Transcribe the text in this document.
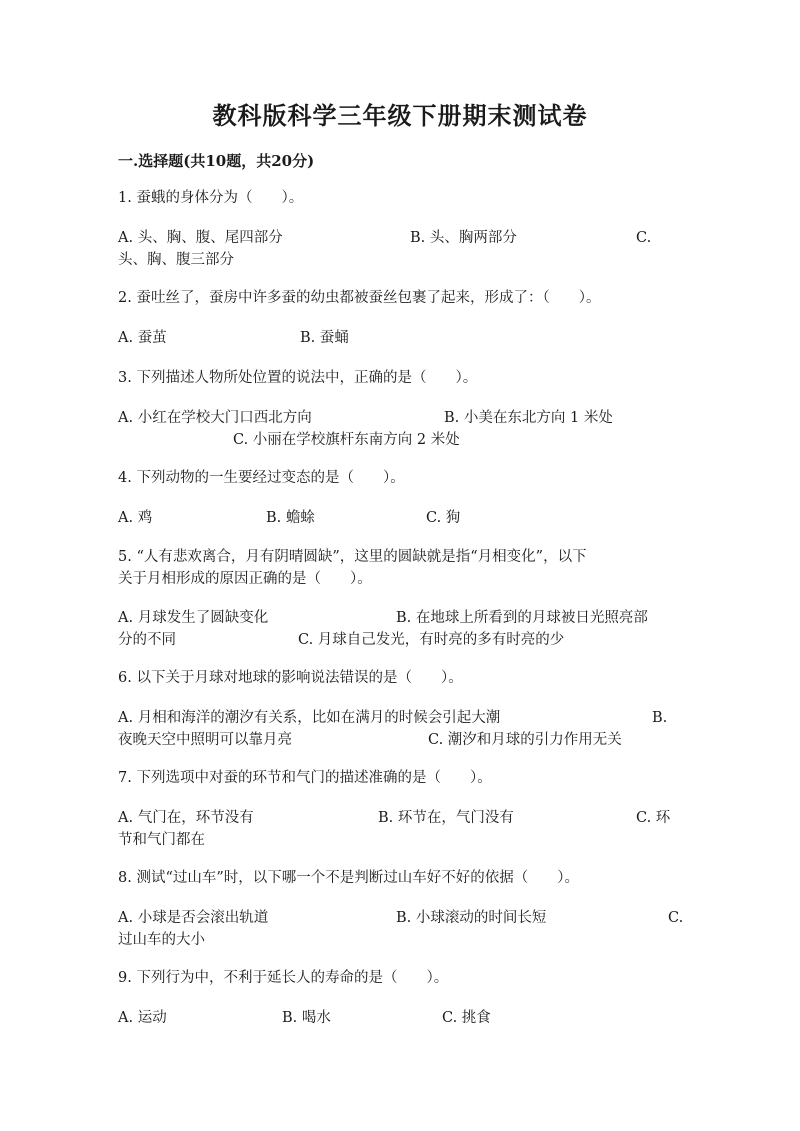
教科版科学三年级下册期末测试卷
一.选择题(共10题，共20分)
1. 蚕蛾的身体分为（　　）。
A. 头、胸、腹、尾四部分	B. 头、胸两部分	C.
头、胸、腹三部分
2. 蚕吐丝了，蚕房中许多蚕的幼虫都被蚕丝包裹了起来，形成了：（　　）。
A. 蚕茧	B. 蚕蛹
3. 下列描述人物所处位置的说法中，正确的是（　　）。
A. 小红在学校大门口西北方向	B. 小美在东北方向 1 米处
C. 小丽在学校旗杆东南方向 2 米处
4. 下列动物的一生要经过变态的是（　　）。
A. 鸡	B. 蟾蜍	C. 狗
5. “人有悲欢离合，月有阴晴圆缺”，这里的圆缺就是指“月相变化”，以下
关于月相形成的原因正确的是（　　）。
A. 月球发生了圆缺变化	B. 在地球上所看到的月球被日光照亮部
分的不同	C. 月球自己发光，有时亮的多有时亮的少
6. 以下关于月球对地球的影响说法错误的是（　　）。
A. 月相和海洋的潮汐有关系，比如在满月的时候会引起大潮	B.
夜晚天空中照明可以靠月亮	C. 潮汐和月球的引力作用无关
7. 下列选项中对蚕的环节和气门的描述准确的是（　　）。
A. 气门在，环节没有	B. 环节在，气门没有	C. 环
节和气门都在
8. 测试“过山车”时，以下哪一个不是判断过山车好不好的依据（　　）。
A. 小球是否会滚出轨道	B. 小球滚动的时间长短	C.
过山车的大小
9. 下列行为中，不利于延长人的寿命的是（　　）。
A. 运动	B. 喝水	C. 挑食
